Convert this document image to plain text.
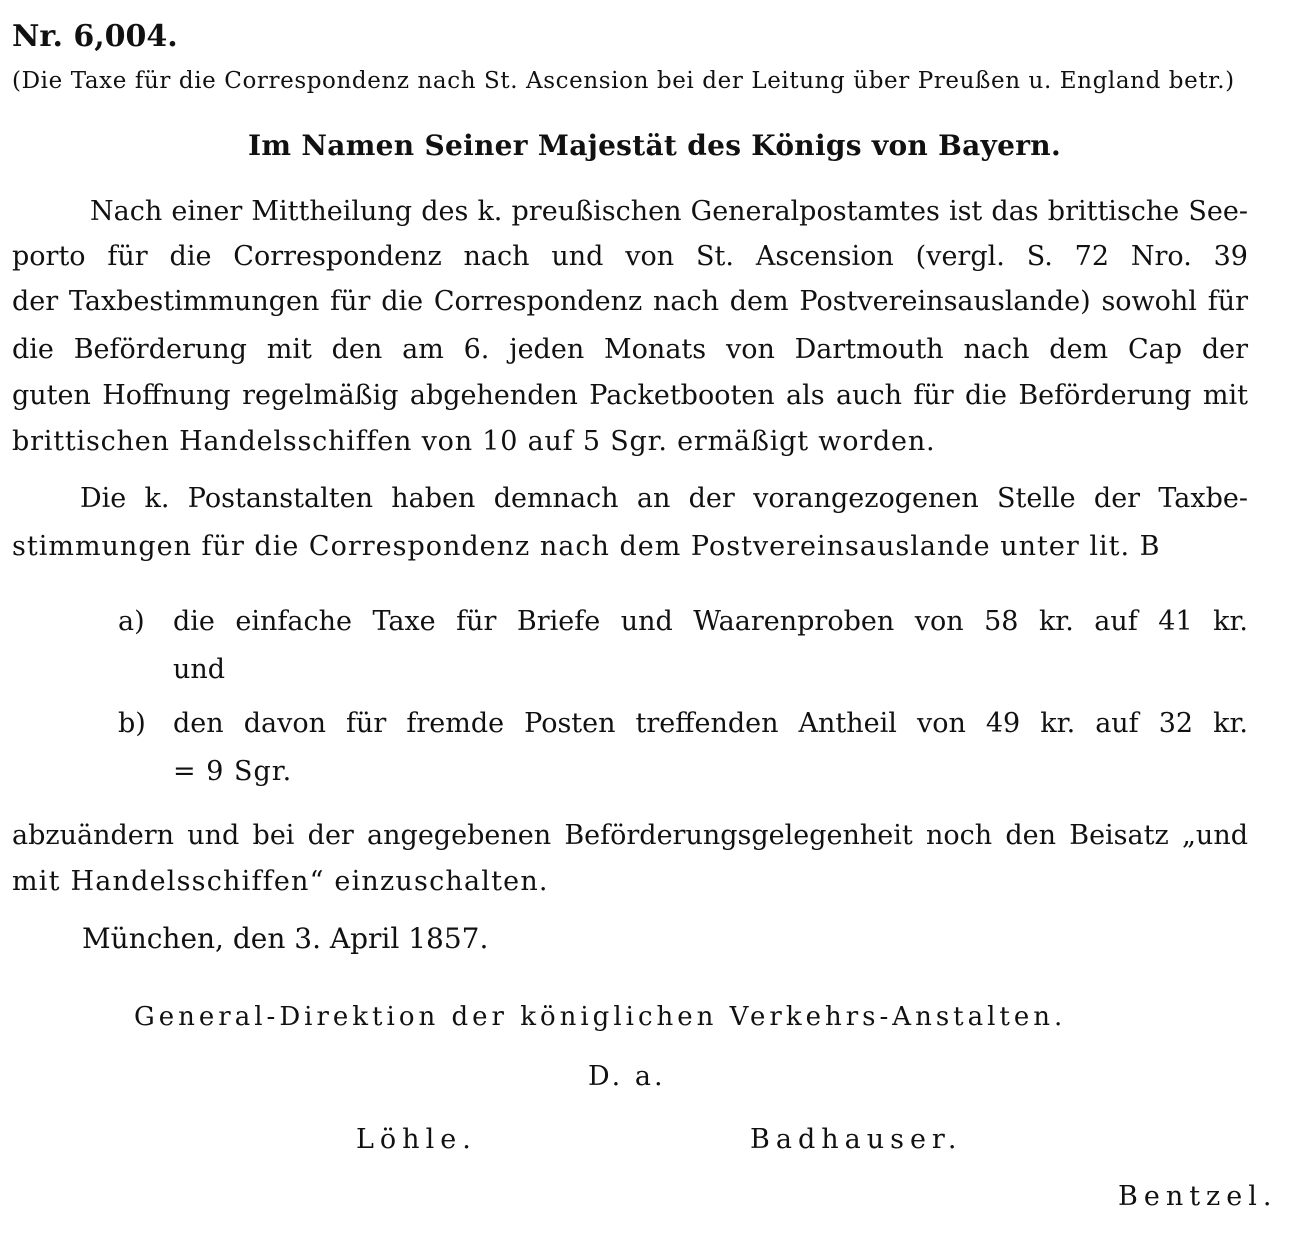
Nr. 6,004.
(Die Taxe für die Correspondenz nach St. Ascension bei der Leitung über Preußen u. England betr.)
Im Namen Seiner Majestät des Königs von Bayern.
Nach einer Mittheilung des k. preußischen Generalpostamtes ist das brittische See-
porto für die Correspondenz nach und von St. Ascension (vergl. S. 72 Nro. 39
der Taxbestimmungen für die Correspondenz nach dem Postvereinsauslande) sowohl für
die Beförderung mit den am 6. jeden Monats von Dartmouth nach dem Cap der
guten Hoffnung regelmäßig abgehenden Packetbooten als auch für die Beförderung mit
brittischen Handelsschiffen von 10 auf 5 Sgr. ermäßigt worden.
Die k. Postanstalten haben demnach an der vorangezogenen Stelle der Taxbe-
stimmungen für die Correspondenz nach dem Postvereinsauslande unter lit. B
a) die einfache Taxe für Briefe und Waarenproben von 58 kr. auf 41 kr.
und
b) den davon für fremde Posten treffenden Antheil von 49 kr. auf 32 kr.
= 9 Sgr.
abzuändern und bei der angegebenen Beförderungsgelegenheit noch den Beisatz „und
mit Handelsschiffen“ einzuschalten.
München, den 3. April 1857.
General-Direktion der königlichen Verkehrs-Anstalten.
D. a.
Löhle.	Badhauser.
Bentzel.
